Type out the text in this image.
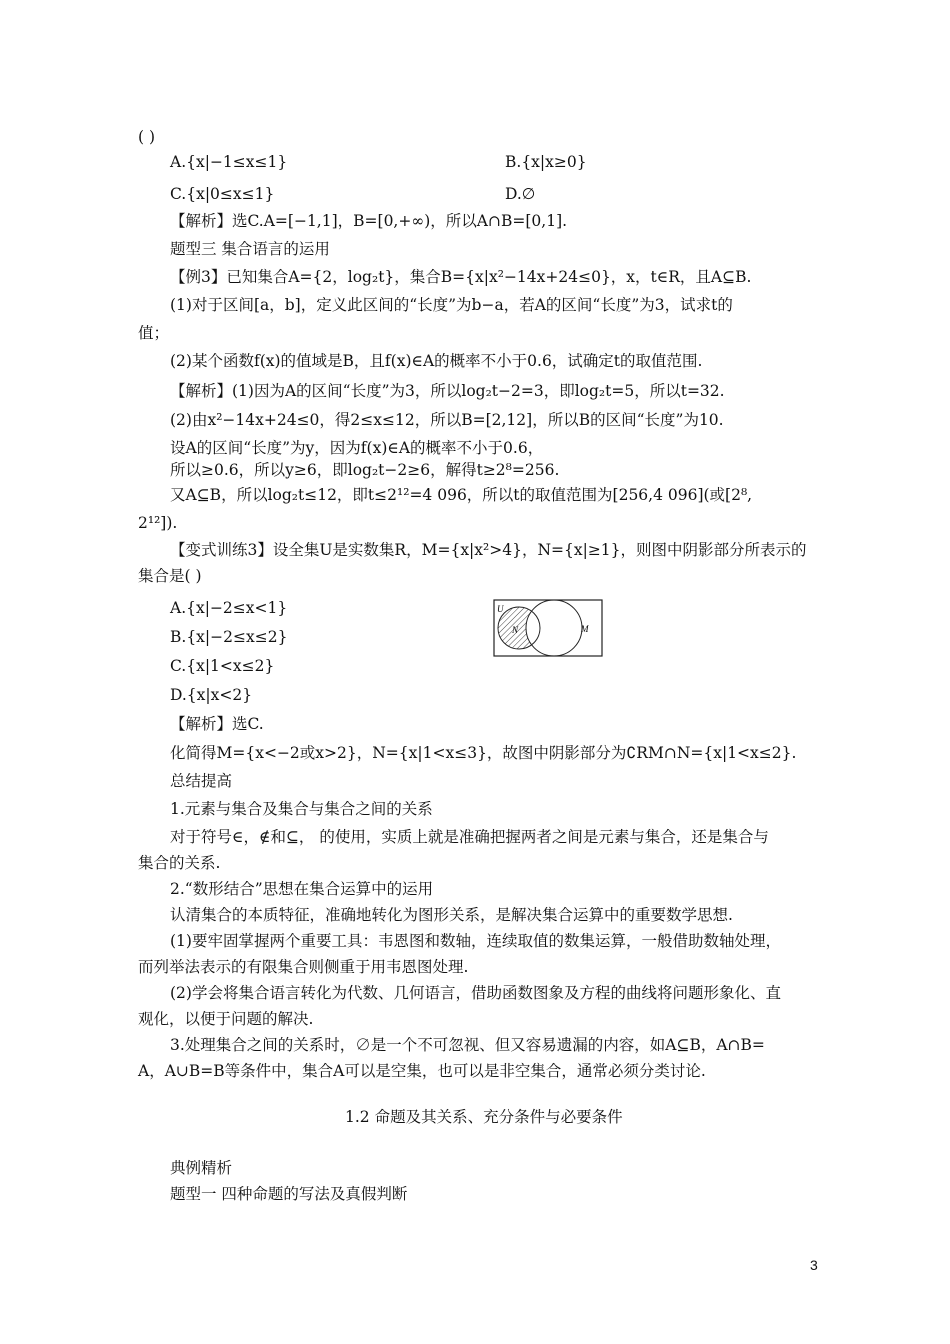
( )
A.{x|−1≤x≤1}	B.{x|x≥0}
C.{x|0≤x≤1}	D.∅
【解析】选C.A=[−1,1]，B=[0,+∞)，所以A∩B=[0,1].
题型三 集合语言的运用
【例3】已知集合A={2，log₂t}，集合B={x|x²−14x+24≤0}，x，t∈R，且A⊆B.
(1)对于区间[a，b]，定义此区间的“长度”为b−a，若A的区间“长度”为3，试求t的
值；
(2)某个函数f(x)的值域是B，且f(x)∈A的概率不小于0.6，试确定t的取值范围.
【解析】(1)因为A的区间“长度”为3，所以log₂t−2=3，即log₂t=5，所以t=32.
(2)由x²−14x+24≤0，得2≤x≤12，所以B=[2,12]，所以B的区间“长度”为10.
设A的区间“长度”为y，因为f(x)∈A的概率不小于0.6，
所以≥0.6，所以y≥6，即log₂t−2≥6，解得t≥2⁸=256.
又A⊆B，所以log₂t≤12，即t≤2¹²=4 096，所以t的取值范围为[256,4 096](或[2⁸,
2¹²]).
【变式训练3】设全集U是实数集R，M={x|x²>4}，N={x|≥1}，则图中阴影部分所表示的
集合是( )
A.{x|−2≤x<1}
B.{x|−2≤x≤2}
C.{x|1<x≤2}
D.{x|x<2}
【解析】选C.
化简得M={x<−2或x>2}，N={x|1<x≤3}，故图中阴影部分为∁RM∩N={x|1<x≤2}.
总结提高
1.元素与集合及集合与集合之间的关系
对于符号∈，∉和⊆， 的使用，实质上就是准确把握两者之间是元素与集合，还是集合与
集合的关系.
2.“数形结合”思想在集合运算中的运用
认清集合的本质特征，准确地转化为图形关系，是解决集合运算中的重要数学思想.
(1)要牢固掌握两个重要工具：韦恩图和数轴，连续取值的数集运算，一般借助数轴处理，
而列举法表示的有限集合则侧重于用韦恩图处理.
(2)学会将集合语言转化为代数、几何语言，借助函数图象及方程的曲线将问题形象化、直
观化，以便于问题的解决.
3.处理集合之间的关系时，∅是一个不可忽视、但又容易遗漏的内容，如A⊆B，A∩B=
A，A∪B=B等条件中，集合A可以是空集，也可以是非空集合，通常必须分类讨论.
1.2 命题及其关系、充分条件与必要条件
典例精析
题型一 四种命题的写法及真假判断
U
N	M
3
